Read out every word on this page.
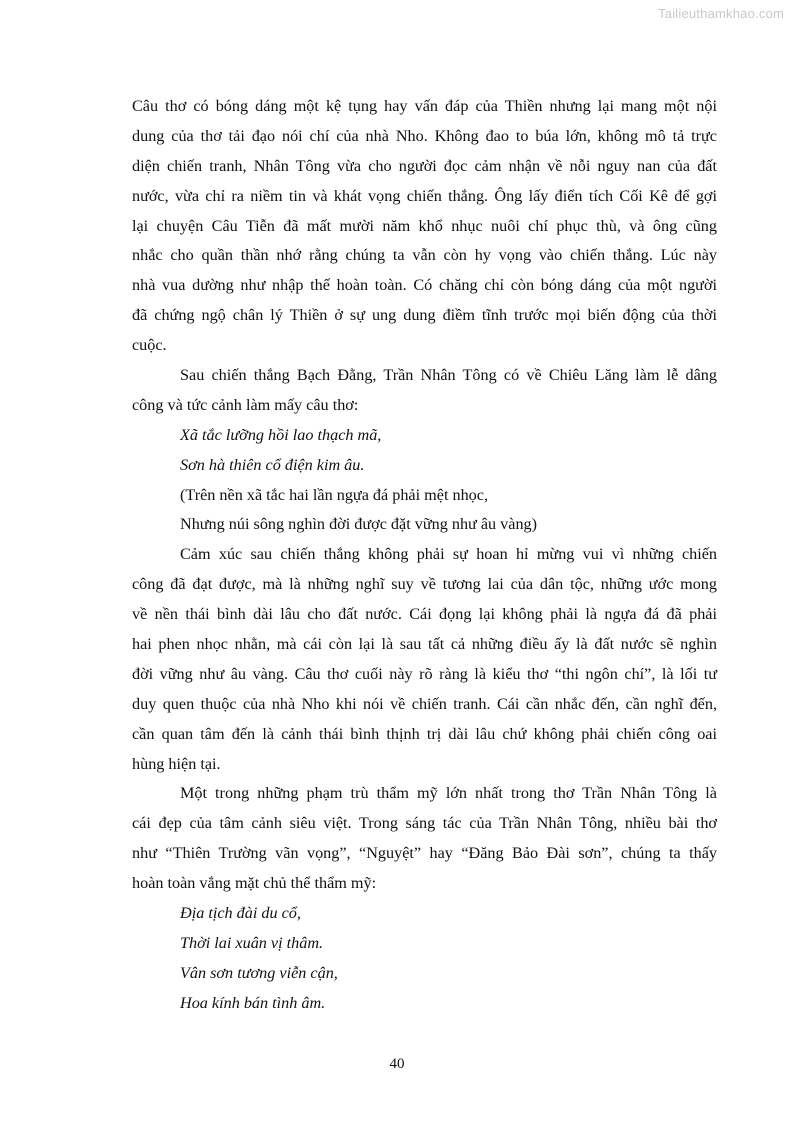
Tailieuthamkhao.com
Câu thơ có bóng dáng một kệ tụng hay vấn đáp của Thiền nhưng lại mang một nội
dung của thơ tải đạo nói chí của nhà Nho. Không đao to búa lớn, không mô tả trực
diện chiến tranh, Nhân Tông vừa cho người đọc cảm nhận về nỗi nguy nan của đất
nước, vừa chỉ ra niềm tin và khát vọng chiến thắng. Ông lấy điển tích Cối Kê để gợi
lại chuyện Câu Tiễn đã mất mười năm khổ nhục nuôi chí phục thù, và ông cũng
nhắc cho quần thần nhớ rằng chúng ta vẫn còn hy vọng vào chiến thắng. Lúc này
nhà vua dường như nhập thế hoàn toàn. Có chăng chỉ còn bóng dáng của một người
đã chứng ngộ chân lý Thiền ở sự ung dung điềm tĩnh trước mọi biến động của thời
cuộc.
Sau chiến thắng Bạch Đằng, Trần Nhân Tông có về Chiêu Lăng làm lễ dâng
công và tức cảnh làm mấy câu thơ:
Xã tắc lưỡng hồi lao thạch mã,
Sơn hà thiên cổ điện kim âu.
(Trên nền xã tắc hai lần ngựa đá phải mệt nhọc,
Nhưng núi sông nghìn đời được đặt vững như âu vàng)
Cảm xúc sau chiến thắng không phải sự hoan hỉ mừng vui vì những chiến
công đã đạt được, mà là những nghĩ suy về tương lai của dân tộc, những ước mong
về nền thái bình dài lâu cho đất nước. Cái đọng lại không phải là ngựa đá đã phải
hai phen nhọc nhằn, mà cái còn lại là sau tất cả những điều ấy là đất nước sẽ nghìn
đời vững như âu vàng. Câu thơ cuối này rõ ràng là kiểu thơ “thi ngôn chí”, là lối tư
duy quen thuộc của nhà Nho khi nói về chiến tranh. Cái cần nhắc đến, cần nghĩ đến,
cần quan tâm đến là cảnh thái bình thịnh trị dài lâu chứ không phải chiến công oai
hùng hiện tại.
Một trong những phạm trù thẩm mỹ lớn nhất trong thơ Trần Nhân Tông là
cái đẹp của tâm cảnh siêu việt. Trong sáng tác của Trần Nhân Tông, nhiều bài thơ
như “Thiên Trường vãn vọng”, “Nguyệt” hay “Đăng Bảo Đài sơn”, chúng ta thấy
hoàn toàn vắng mặt chủ thể thẩm mỹ:
Địa tịch đài du cổ,
Thời lai xuân vị thâm.
Vân sơn tương viễn cận,
Hoa kính bán tình âm.
40
